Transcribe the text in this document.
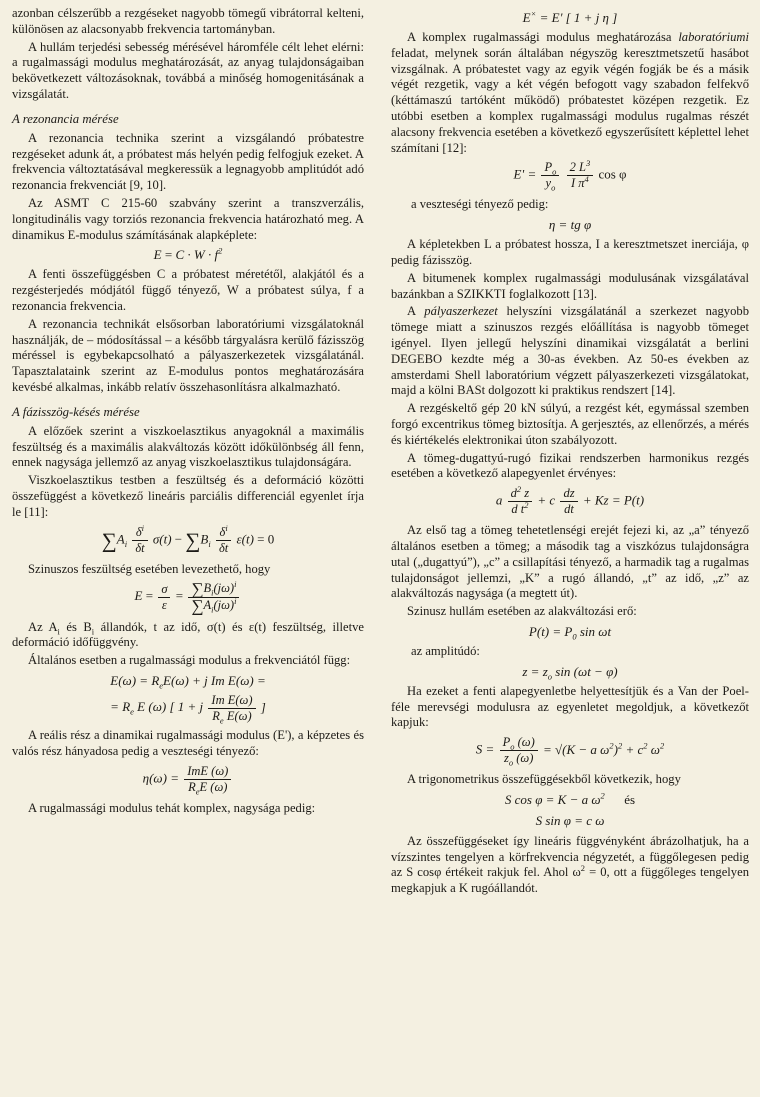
azonban célszerűbb a rezgéseket nagyobb tömegű vibrátorral kelteni, különösen az alacsonyabb frekvencia tartományban.

A hullám terjedési sebesség mérésével háromféle célt lehet elérni: a rugalmassági modulus meghatározását, az anyag tulajdonságaiban bekövetkezett változásoknak, továbbá a minőség homogenitásának a vizsgálatát.

A rezonancia mérése

A rezonancia technika szerint a vizsgálandó próbatestre rezgéseket adunk át, a próbatest más helyén pedig felfogjuk ezeket. A frekvencia változtatásával megkeressük a legnagyobb amplitúdót adó rezonancia frekvenciát [9, 10].

Az ASMT C 215-60 szabvány szerint a transzverzális, longitudinális vagy torziós rezonancia frekvencia határozható meg. A dinamikus E-modulus számításának alapképlete:

$E = C \cdot W \cdot f^2$

A fenti összefüggésben C a próbatest méretétől, alakjától és a rezgésterjedés módjától függő tényező, W a próbatest súlya, f a rezonancia frekvencia.

A rezonancia technikát elsősorban laboratóriumi vizsgálatoknál használják, de – módosítással – a később tárgyalásra kerülő fázisszög méréssel is egybekapcsolható a pályaszerkezetek vizsgálatánál. Tapasztalataink szerint az E-modulus pontos meghatározására kevésbé alkalmas, inkább relatív összehasonlításra alkalmazható.

A fázisszög-késés mérése

A előzőek szerint a viszkoelasztikus anyagoknál a maximális feszültség és a maximális alakváltozás között időkülönbség áll fenn, ennek nagysága jellemző az anyag viszkoelasztikus tulajdonságára.

Viszkoelasztikus testben a feszültség és a deformáció közötti összefüggést a következő lineáris parciális differenciál egyenlet írja le [11]:

$\sum A_i \frac{\delta^i}{\delta t} \sigma(t) - \sum B_i \frac{\delta^i}{\delta t} \varepsilon(t) = 0$

Szinuszos feszültség esetében levezethető, hogy

$E = \frac{\sigma}{\varepsilon} = \frac{\sum B_i(j\omega)^i}{\sum A_i(j\omega)^i}$

Az $A_i$ és $B_i$ állandók, t az idő, σ(t) és ε(t) feszültség, illetve deformáció időfüggvény.

Általános esetben a rugalmassági modulus a frekvenciától függ:

$E(\omega) = R_eE(\omega) + j$ Im E(ω) =
= $R_e$ E (ω) [ 1 + j $\frac{\text{Im E(ω)}}{R_e E(\omega)}$ ]

A reális rész a dinamikai rugalmassági modulus (E'), a képzetes és valós rész hányadosa pedig a veszteségi tényező:

$\eta(\omega) = \frac{\text{ImE (ω)}}{R_eE (\omega)}$

A rugalmassági modulus tehát komplex, nagysága pedig:

E× = E' [ 1 + j η ]

A komplex rugalmassági modulus meghatározása laboratóriumi feladat, melynek során általában négyszög keresztmetszetű hasábot vizsgálnak. A próbatestet vagy az egyik végén fogják be és a másik végét rezgetik, vagy a két végén befogott vagy szabadon felfekvő (kéttámaszú tartóként működő) próbatestet középen rezgetik. Ez utóbbi esetben a komplex rugalmassági modulus rugalmas részét alacsony frekvencia esetében a következő egyszerűsített képlettel lehet számítani [12]:

$E' = \frac{P_o}{y_o}$
$\frac{2 L^3}{I \pi^4}$ cos φ

a veszteségi tényező pedig:

η = tg φ

A képletekben L a próbatest hossza, I a keresztmetszet inerciája, φ pedig fázisszög.

A bitumenek komplex rugalmassági modulusának vizsgálatával bazánkban a SZIKKTI foglalkozott [13].

A pályaszerkezet helyszíni vizsgálatánál a szerkezet nagyobb tömege miatt a szinuszos rezgés előállítása is nagyobb tömeget igényel. Ilyen jellegű helyszíni dinamikai vizsgálatát a berlini DEGEBO kezdte még a 30-as években. Az 50-es években az amsterdami Shell laboratórium végzett pályaszerkezeti vizsgálatokat, majd a kölni BASt dolgozott ki praktikus rendszert [14].

A rezgéskeltő gép 20 kN súlyú, a rezgést két, egymással szemben forgó excentrikus tömeg biztosítja. A gerjesztés, az ellenőrzés, a mérés és kiértékelés elektronikai úton szabályozott.

A tömeg-dugattyú-rugó fizikai rendszerben harmonikus rezgés esetében a következő alapegyenlet érvényes:

a $\frac{d^2 z}{d t^2} + c \frac{dz}{dt} + Kz = P(t)$

Az első tag a tömeg tehetetlenségi erejét fejezi ki, az „a” tényező általános esetben a tömeg; a második tag a viszkózus tulajdonságra utal („dugattyú”), „c” a csillapítási tényező, a harmadik tag a rugalmas tulajdonságot jellemzi, „K” a rugó állandó, „t” az idő, „z” az alakváltozás nagysága (a megtett út).

Szinusz hullám esetében az alakváltozási erő:

$P(t) = P_0$ sin ωt

az amplitúdó:

$z = z_o$ sin (ωt − φ)

Ha ezeket a fenti alapegyenletbe helyettesítjük és a Van der Poel-féle merevségi modulusra az egyenletet megoldjuk, a következőt kapjuk:

$S = \frac{P_o (\omega)}{z_o (\omega)} = √(K - a$ $\omega^2)^2 + c^2$ $\omega^2$

A trigonometrikus összefüggésekből következik, hogy

S cos φ = K − a $\omega^2$ és
S sin φ = c ω

Az összefüggéseket így lineáris függvényként ábrázolhatjuk, ha a vízszintes tengelyen a körfrekvencia négyzetét, a függőlegesen pedig az S cosφ értékeit rakjuk fel. Ahol $\omega^2 = 0$, ott a függőleges tengelyen megkapjuk a K rugóállandót.
